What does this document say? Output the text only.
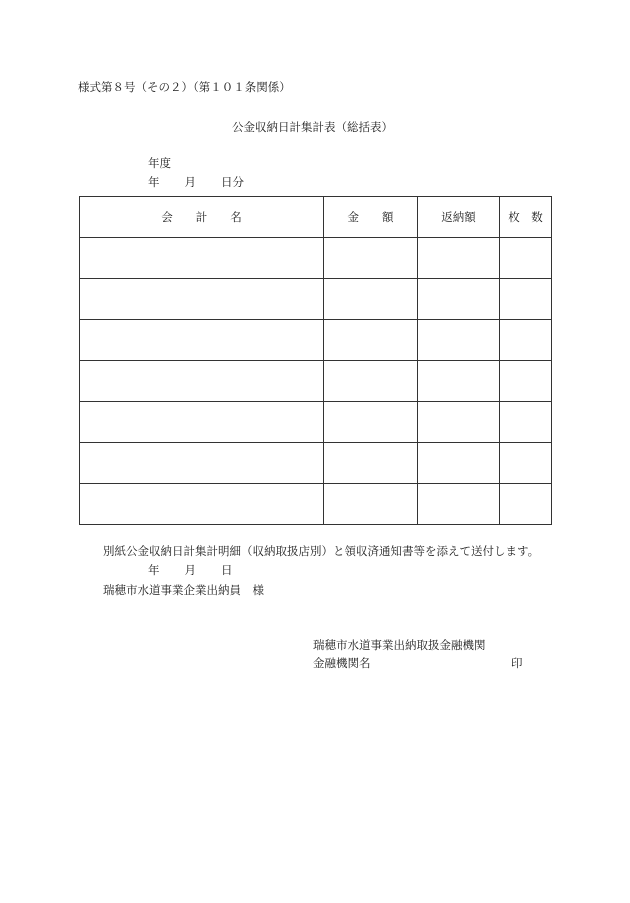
様式第８号（その２）（第１０１条関係）
公金収納日計集計表（総括表）
年度
年 月 日分
会　　計　　名	金　　額	返納額	枚　数

別紙公金収納日計集計明細（収納取扱店別）と領収済通知書等を添えて送付します。
年 月 日
瑞穂市水道事業企業出納員　様
瑞穂市水道事業出納取扱金融機関
金融機関名	印
